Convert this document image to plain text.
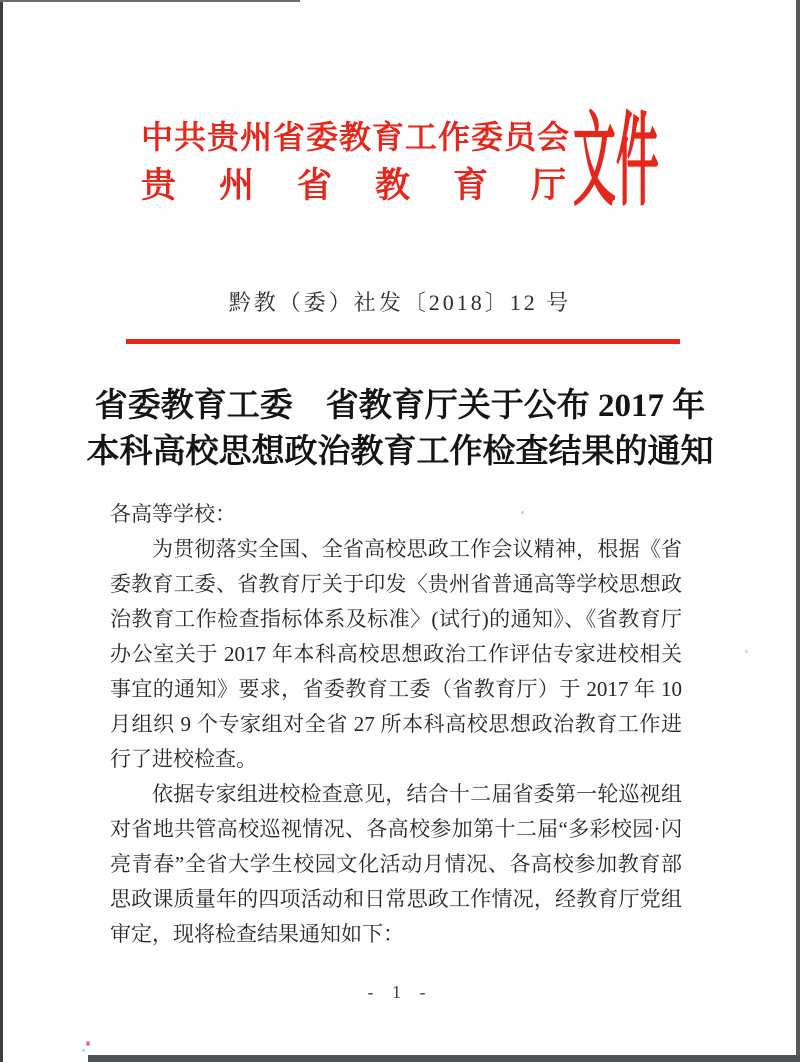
中共贵州省委教育工作委员会
贵州省教育厅
文件
黔教（委）社发〔2018〕12 号
省委教育工委　省教育厅关于公布 2017 年
本科高校思想政治教育工作检查结果的通知
各高等学校：
为贯彻落实全国、全省高校思政工作会议精神，根据《省
委教育工委、省教育厅关于印发〈贵州省普通高等学校思想政
治教育工作检查指标体系及标准〉(试行)的通知》、《省教育厅
办公室关于 2017 年本科高校思想政治工作评估专家进校相关
事宜的通知》要求，省委教育工委（省教育厅）于 2017 年 10
月组织 9 个专家组对全省 27 所本科高校思想政治教育工作进
行了进校检查。
依据专家组进校检查意见，结合十二届省委第一轮巡视组
对省地共管高校巡视情况、各高校参加第十二届“多彩校园·闪
亮青春”全省大学生校园文化活动月情况、各高校参加教育部
思政课质量年的四项活动和日常思政工作情况，经教育厅党组
审定，现将检查结果通知如下：
- 1 -
